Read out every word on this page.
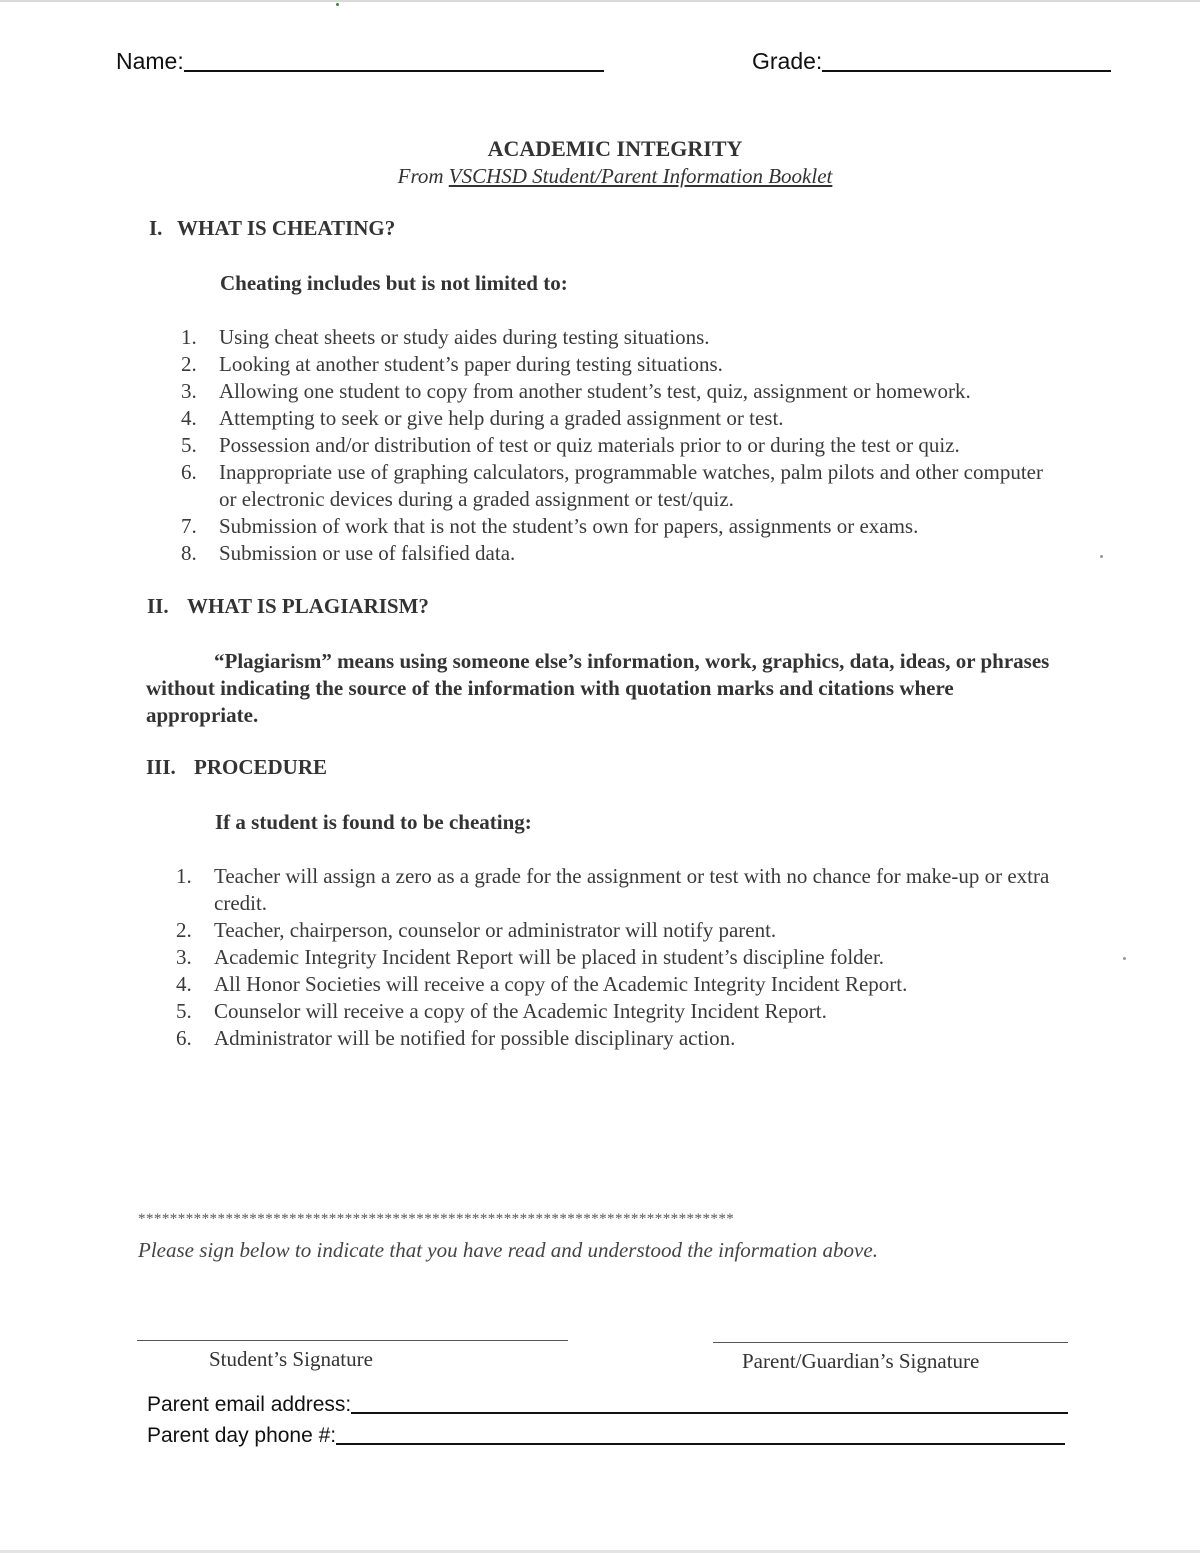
Name:	Grade:
ACADEMIC INTEGRITY
From VSCHSD Student/Parent Information Booklet
I. WHAT IS CHEATING?
Cheating includes but is not limited to:
1. Using cheat sheets or study aides during testing situations.
2. Looking at another student’s paper during testing situations.
3. Allowing one student to copy from another student’s test, quiz, assignment or homework.
4. Attempting to seek or give help during a graded assignment or test.
5. Possession and/or distribution of test or quiz materials prior to or during the test or quiz.
6. Inappropriate use of graphing calculators, programmable watches, palm pilots and other computer or electronic devices during a graded assignment or test/quiz.
7. Submission of work that is not the student’s own for papers, assignments or exams.
8. Submission or use of falsified data.
II. WHAT IS PLAGIARISM?
“Plagiarism” means using someone else’s information, work, graphics, data, ideas, or phrases without indicating the source of the information with quotation marks and citations where appropriate.
III. PROCEDURE
If a student is found to be cheating:
1. Teacher will assign a zero as a grade for the assignment or test with no chance for make-up or extra credit.
2. Teacher, chairperson, counselor or administrator will notify parent.
3. Academic Integrity Incident Report will be placed in student’s discipline folder.
4. All Honor Societies will receive a copy of the Academic Integrity Incident Report.
5. Counselor will receive a copy of the Academic Integrity Incident Report.
6. Administrator will be notified for possible disciplinary action.
***************************************************************************
Please sign below to indicate that you have read and understood the information above.
Student’s Signature	Parent/Guardian’s Signature
Parent email address:
Parent day phone #:
